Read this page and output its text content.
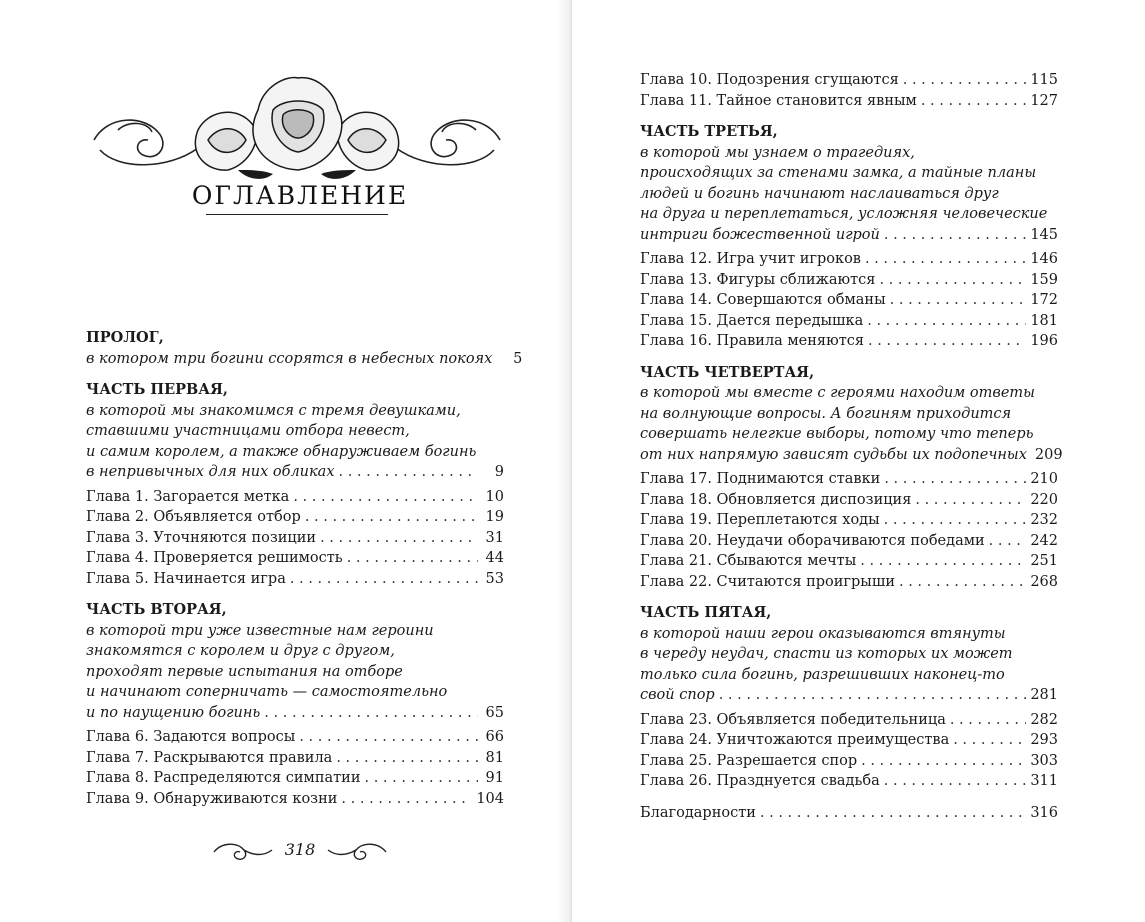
ОГЛАВЛЕНИЕ
ПРОЛОГ,
в котором три богини ссорятся в небесных покоях	5
ЧАСТЬ ПЕРВАЯ,
в которой мы знакомимся с тремя девушками,
ставшими участницами отбора невест,
и самим королем, а также обнаруживаем богинь
в непривычных для них обликах . . .	9
Глава 1. Загорается метка . . .	10
Глава 2. Объявляется отбор . . .	19
Глава 3. Уточняются позиции . . .	31
Глава 4. Проверяется решимость . . .	44
Глава 5. Начинается игра . . .	53
ЧАСТЬ ВТОРАЯ,
в которой три уже известные нам героини
знакомятся с королем и друг с другом,
проходят первые испытания на отборе
и начинают соперничать — самостоятельно
и по наущению богинь . . .	65
Глава 6. Задаются вопросы . . .	66
Глава 7. Раскрываются правила . . .	81
Глава 8. Распределяются симпатии . . .	91
Глава 9. Обнаруживаются козни . . .	104
318
Глава 10. Подозрения сгущаются . . .	115
Глава 11. Тайное становится явным . . .	127
ЧАСТЬ ТРЕТЬЯ,
в которой мы узнаем о трагедиях,
происходящих за стенами замка, а тайные планы
людей и богинь начинают наслаиваться друг
на друга и переплетаться, усложняя человеческие
интриги божественной игрой . . .	145
Глава 12. Игра учит игроков . . .	146
Глава 13. Фигуры сближаются . . .	159
Глава 14. Совершаются обманы . . .	172
Глава 15. Дается передышка . . .	181
Глава 16. Правила меняются . . .	196
ЧАСТЬ ЧЕТВЕРТАЯ,
в которой мы вместе с героями находим ответы
на волнующие вопросы. А богиням приходится
совершать нелегкие выборы, потому что теперь
от них напрямую зависят судьбы их подопечных 209
Глава 17. Поднимаются ставки . . .	210
Глава 18. Обновляется диспозиция . . .	220
Глава 19. Переплетаются ходы . . .	232
Глава 20. Неудачи оборачиваются победами . . .	242
Глава 21. Сбываются мечты . . .	251
Глава 22. Считаются проигрыши . . .	268
ЧАСТЬ ПЯТАЯ,
в которой наши герои оказываются втянуты
в череду неудач, спасти из которых их может
только сила богинь, разрешивших наконец-то
свой спор . . .	281
Глава 23. Объявляется победительница . . .	282
Глава 24. Уничтожаются преимущества . . .	293
Глава 25. Разрешается спор . . .	303
Глава 26. Празднуется свадьба . . .	311
Благодарности . . .	316
